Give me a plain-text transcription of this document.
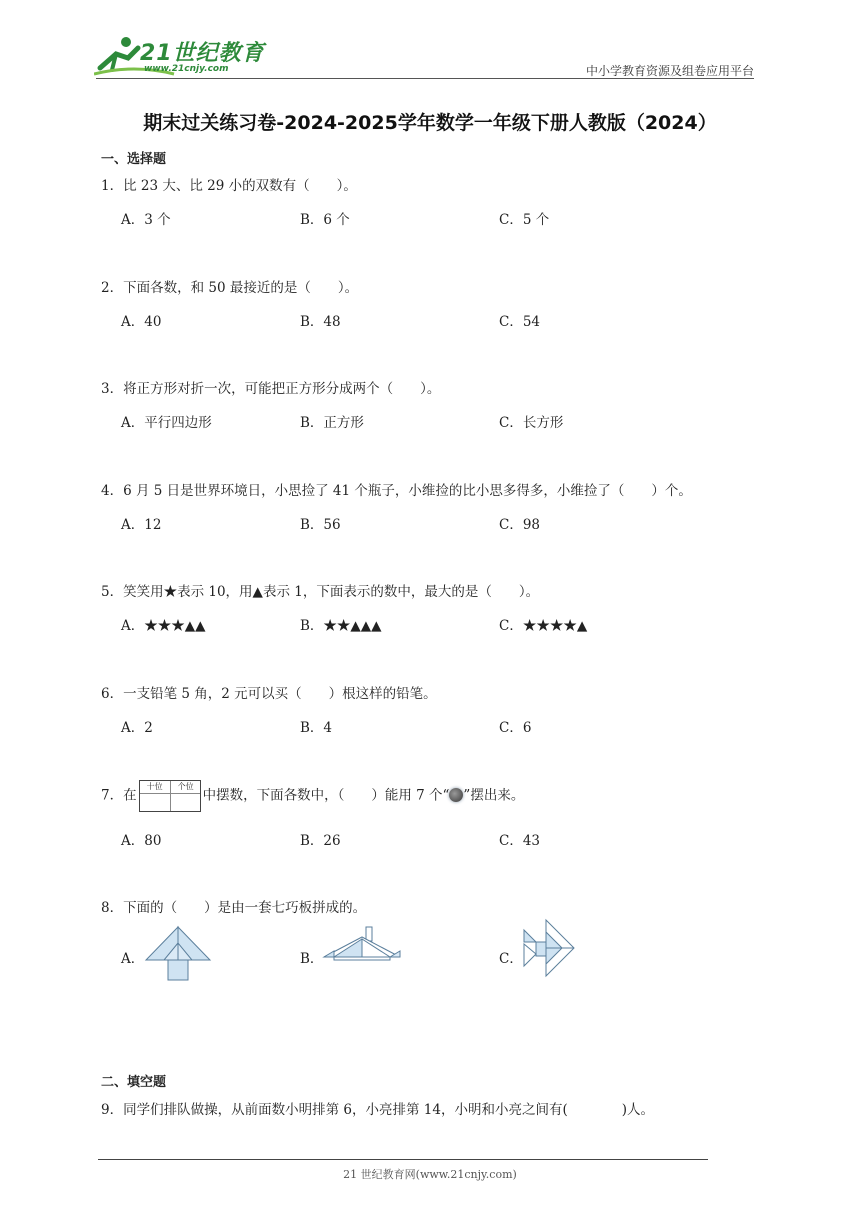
21世纪教育
www.21cnjy.com	中小学教育资源及组卷应用平台
期末过关练习卷-2024-2025学年数学一年级下册人教版（2024）
一、选择题
1．比 23 大、比 29 小的双数有（　　）。
A．3 个	B．6 个	C．5 个
2．下面各数，和 50 最接近的是（　　）。
A．40	B．48	C．54
3．将正方形对折一次，可能把正方形分成两个（　　）。
A．平行四边形	B．正方形	C．长方形
4．6 月 5 日是世界环境日，小思捡了 41 个瓶子，小维捡的比小思多得多，小维捡了（　　）个。
A．12	B．56	C．98
5．笑笑用★表示 10，用▲表示 1，下面表示的数中，最大的是（　　）。
A．★★★▲▲	B．★★▲▲▲	C．★★★★▲
6．一支铅笔 5 角，2 元可以买（　　）根这样的铅笔。
A．2	B．4	C．6
7．在
十位	个位
中摆数，下面各数中，（　　）能用 7 个“ ”摆出来。
A．80	B．26	C．43
8．下面的（　　）是由一套七巧板拼成的。
A．	B．	C．
二、填空题
9．同学们排队做操，从前面数小明排第 6，小亮排第 14，小明和小亮之间有(　　　　)人。
21 世纪教育网(www.21cnjy.com)
